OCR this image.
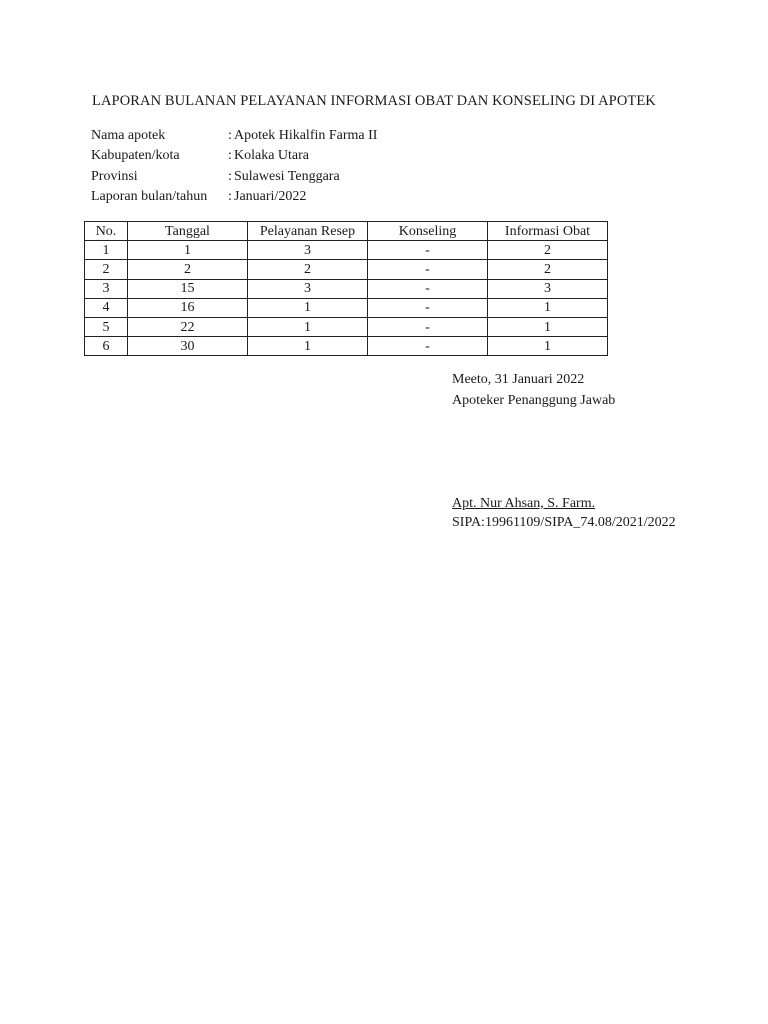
LAPORAN BULANAN PELAYANAN INFORMASI OBAT DAN KONSELING DI APOTEK
Nama apotek	: Apotek Hikalfin Farma II
Kabupaten/kota	: Kolaka Utara
Provinsi	: Sulawesi Tenggara
Laporan bulan/tahun	: Januari/2022
No.	Tanggal	Pelayanan Resep	Konseling	Informasi Obat
1	1	3	-	2
2	2	2	-	2
3	15	3	-	3
4	16	1	-	1
5	22	1	-	1
6	30	1	-	1
Meeto, 31 Januari 2022
Apoteker Penanggung Jawab
Apt. Nur Ahsan, S. Farm.
SIPA:19961109/SIPA_74.08/2021/2022
